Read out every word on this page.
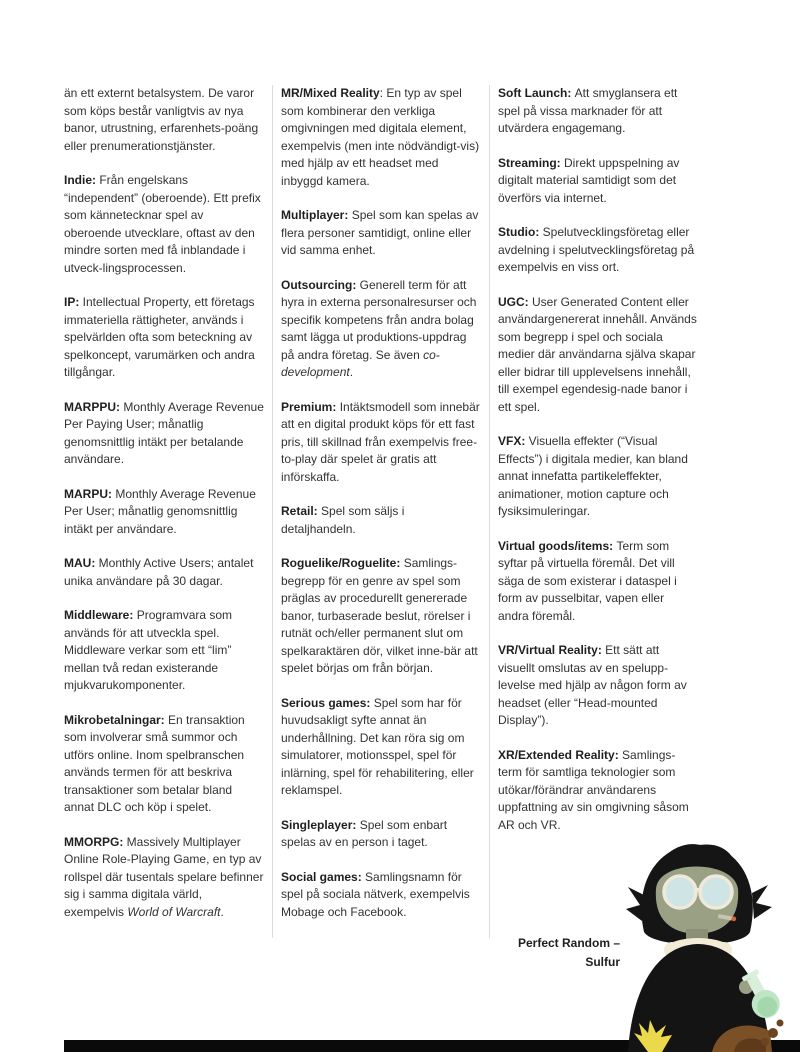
än ett externt betalsystem. De varor som köps består vanligtvis av nya banor, utrustning, erfarenhets-poäng eller prenumerationstjänster.

Indie: Från engelskans “independent” (oberoende). Ett prefix som kännetecknar spel av oberoende utvecklare, oftast av den mindre sorten med få inblandade i utveck-lingsprocessen.

IP: Intellectual Property, ett företags immateriella rättigheter, används i spelvärlden ofta som beteckning av spelkoncept, varumärken och andra tillgångar.

MARPPU: Monthly Average Revenue Per Paying User; månatlig genomsnittlig intäkt per betalande användare.

MARPU: Monthly Average Revenue Per User; månatlig genomsnittlig intäkt per användare.

MAU: Monthly Active Users; antalet unika användare på 30 dagar.

Middleware: Programvara som används för att utveckla spel. Middleware verkar som ett “lim” mellan två redan existerande mjukvarukomponenter.

Mikrobetalningar: En transaktion som involverar små summor och utförs online. Inom spelbranschen används termen för att beskriva transaktioner som betalar bland annat DLC och köp i spelet.

MMORPG: Massively Multiplayer Online Role-Playing Game, en typ av rollspel där tusentals spelare befinner sig i samma digitala värld, exempelvis World of Warcraft.

MR/Mixed Reality: En typ av spel som kombinerar den verkliga omgivningen med digitala element, exempelvis (men inte nödvändigt-vis) med hjälp av ett headset med inbyggd kamera.

Multiplayer: Spel som kan spelas av flera personer samtidigt, online eller vid samma enhet.

Outsourcing: Generell term för att hyra in externa personalresurser och specifik kompetens från andra bolag samt lägga ut produktions-uppdrag på andra företag. Se även co-development.

Premium: Intäktsmodell som innebär att en digital produkt köps för ett fast pris, till skillnad från exempelvis free-to-play där spelet är gratis att införskaffa.

Retail: Spel som säljs i detaljhandeln.

Roguelike/Roguelite: Samlings-begrepp för en genre av spel som präglas av procedurellt genererade banor, turbaserade beslut, rörelser i rutnät och/eller permanent slut om spelkaraktären dör, vilket inne-bär att spelet börjas om från början.

Serious games: Spel som har för huvudsakligt syfte annat än underhållning. Det kan röra sig om simulatorer, motionsspel, spel för inlärning, spel för rehabilitering, eller reklamspel.

Singleplayer: Spel som enbart spelas av en person i taget.

Social games: Samlingsnamn för spel på sociala nätverk, exempelvis Mobage och Facebook.

Soft Launch: Att smyglansera ett spel på vissa marknader för att utvärdera engagemang.

Streaming: Direkt uppspelning av digitalt material samtidigt som det överförs via internet.

Studio: Spelutvecklingsföretag eller avdelning i spelutvecklingsföretag på exempelvis en viss ort.

UGC: User Generated Content eller användargenererat innehåll. Används som begrepp i spel och sociala medier där användarna själva skapar eller bidrar till upplevelsens innehåll, till exempel egendesig-nade banor i ett spel.

VFX: Visuella effekter (“Visual Effects”) i digitala medier, kan bland annat innefatta partikeleffekter, animationer, motion capture och fysiksimuleringar.

Virtual goods/items: Term som syftar på virtuella föremål. Det vill säga de som existerar i dataspel i form av pusselbitar, vapen eller andra föremål.

VR/Virtual Reality: Ett sätt att visuellt omslutas av en spelupp-levelse med hjälp av någon form av headset (eller “Head-mounted Display”).

XR/Extended Reality: Samlings-term för samtliga teknologier som utökar/förändrar användarens uppfattning av sin omgivning såsom AR och VR.

Perfect Random –
Sulfur
